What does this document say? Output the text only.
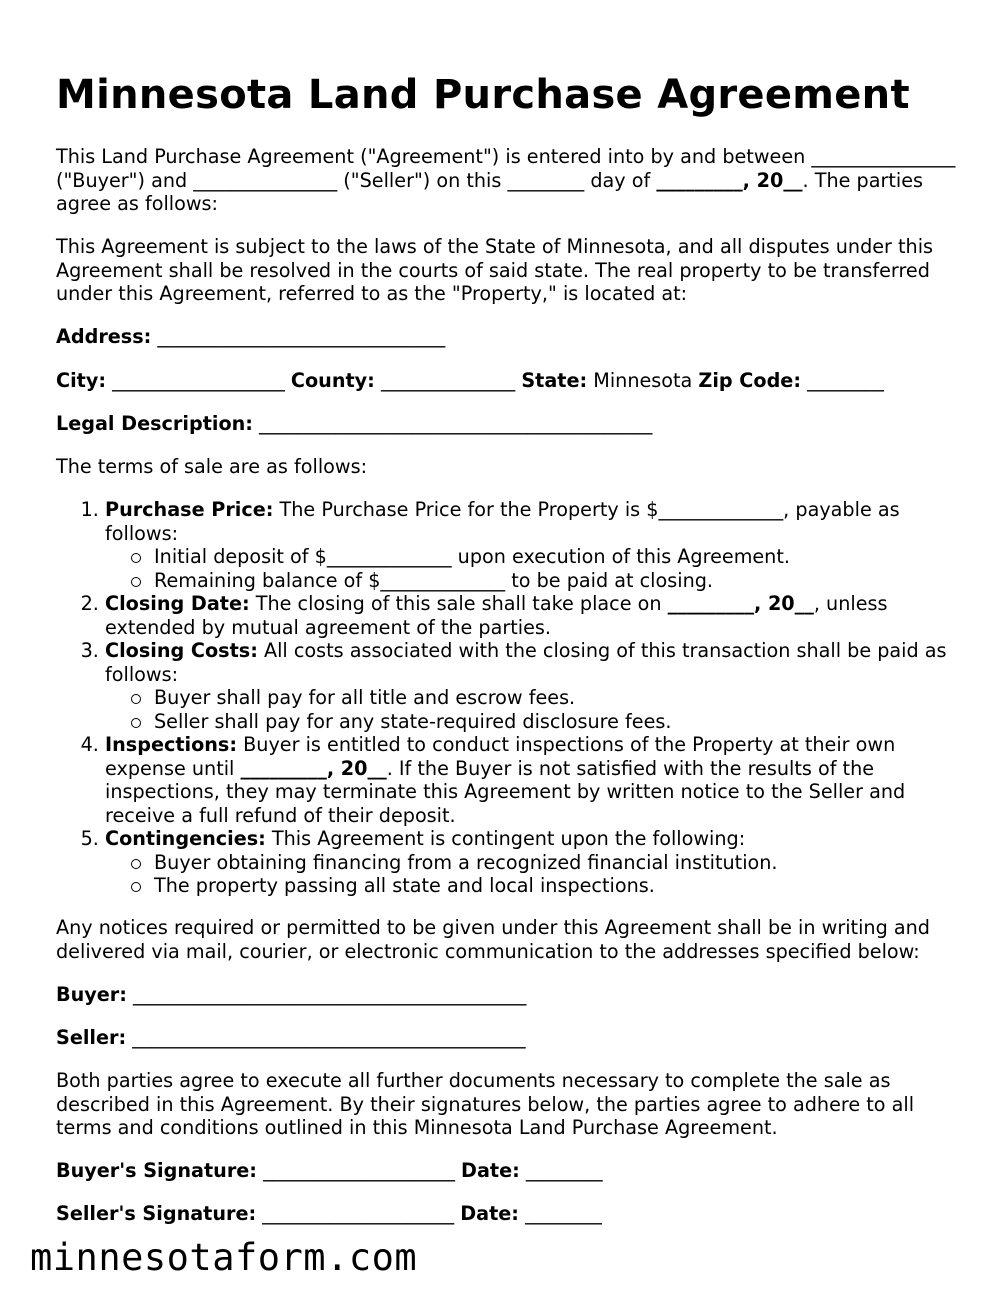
Minnesota Land Purchase Agreement
This Land Purchase Agreement ("Agreement") is entered into by and between _______________ ("Buyer") and _______________ ("Seller") on this ________ day of _________, 20__. The parties agree as follows:
This Agreement is subject to the laws of the State of Minnesota, and all disputes under this Agreement shall be resolved in the courts of said state. The real property to be transferred under this Agreement, referred to as the "Property," is located at:
Address: ______________________________
City: __________________ County: ______________ State: Minnesota Zip Code: ________
Legal Description: _________________________________________
The terms of sale are as follows:
1. Purchase Price: The Purchase Price for the Property is $_____________, payable as follows:
Initial deposit of $_____________ upon execution of this Agreement.
Remaining balance of $_____________ to be paid at closing.
2. Closing Date: The closing of this sale shall take place on _________, 20__, unless extended by mutual agreement of the parties.
3. Closing Costs: All costs associated with the closing of this transaction shall be paid as follows:
Buyer shall pay for all title and escrow fees.
Seller shall pay for any state-required disclosure fees.
4. Inspections: Buyer is entitled to conduct inspections of the Property at their own expense until _________, 20__. If the Buyer is not satisfied with the results of the inspections, they may terminate this Agreement by written notice to the Seller and receive a full refund of their deposit.
5. Contingencies: This Agreement is contingent upon the following:
Buyer obtaining financing from a recognized financial institution.
The property passing all state and local inspections.
Any notices required or permitted to be given under this Agreement shall be in writing and delivered via mail, courier, or electronic communication to the addresses specified below:
Buyer: _________________________________________
Seller: _________________________________________
Both parties agree to execute all further documents necessary to complete the sale as described in this Agreement. By their signatures below, the parties agree to adhere to all terms and conditions outlined in this Minnesota Land Purchase Agreement.
Buyer's Signature: ____________________ Date: ________
Seller's Signature: ____________________ Date: ________
minnesotaform.com
